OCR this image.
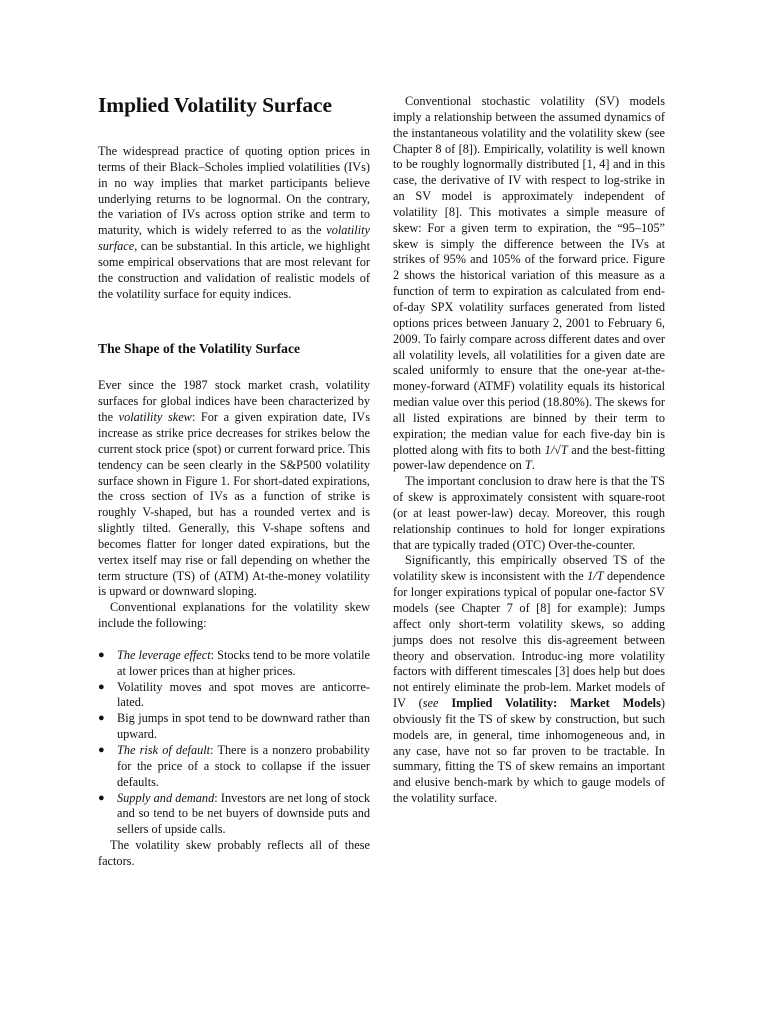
Implied Volatility Surface

The widespread practice of quoting option prices in terms of their Black–Scholes implied volatilities (IVs) in no way implies that market participants believe underlying returns to be lognormal. On the contrary, the variation of IVs across option strike and term to maturity, which is widely referred to as the volatility surface, can be substantial. In this article, we highlight some empirical observations that are most relevant for the construction and validation of realistic models of the volatility surface for equity indices.

The Shape of the Volatility Surface

Ever since the 1987 stock market crash, volatility surfaces for global indices have been characterized by the volatility skew: For a given expiration date, IVs increase as strike price decreases for strikes below the current stock price (spot) or current forward price. This tendency can be seen clearly in the S&P500 volatility surface shown in Figure 1. For short-dated expirations, the cross section of IVs as a function of strike is roughly V-shaped, but has a rounded vertex and is slightly tilted. Generally, this V-shape softens and becomes flatter for longer dated expirations, but the vertex itself may rise or fall depending on whether the term structure (TS) of (ATM) At-the-money volatility is upward or downward sloping.

Conventional explanations for the volatility skew include the following:

● The leverage effect: Stocks tend to be more volatile at lower prices than at higher prices.
● Volatility moves and spot moves are anticorre-lated.
● Big jumps in spot tend to be downward rather than upward.
● The risk of default: There is a nonzero probability for the price of a stock to collapse if the issuer defaults.
● Supply and demand: Investors are net long of stock and so tend to be net buyers of downside puts and sellers of upside calls.

The volatility skew probably reflects all of these factors.

Conventional stochastic volatility (SV) models imply a relationship between the assumed dynamics of the instantaneous volatility and the volatility skew (see Chapter 8 of [8]). Empirically, volatility is well known to be roughly lognormally distributed [1, 4] and in this case, the derivative of IV with respect to log-strike in an SV model is approximately independent of volatility [8]. This motivates a simple measure of skew: For a given term to expiration, the “95–105” skew is simply the difference between the IVs at strikes of 95% and 105% of the forward price. Figure 2 shows the historical variation of this measure as a function of term to expiration as calculated from end-of-day SPX volatility surfaces generated from listed options prices between January 2, 2001 to February 6, 2009. To fairly compare across different dates and over all volatility levels, all volatilities for a given date are scaled uniformly to ensure that the one-year at-the-money-forward (ATMF) volatility equals its historical median value over this period (18.80%). The skews for all listed expirations are binned by their term to expiration; the median value for each five-day bin is plotted along with fits to both 1/√T and the best-fitting power-law dependence on T.

The important conclusion to draw here is that the TS of skew is approximately consistent with square-root (or at least power-law) decay. Moreover, this rough relationship continues to hold for longer expirations that are typically traded (OTC) Over-the-counter.

Significantly, this empirically observed TS of the volatility skew is inconsistent with the 1/T dependence for longer expirations typical of popular one-factor SV models (see Chapter 7 of [8] for example): Jumps affect only short-term volatility skews, so adding jumps does not resolve this dis-agreement between theory and observation. Introduc-ing more volatility factors with different timescales [3] does help but does not entirely eliminate the prob-lem. Market models of IV (see Implied Volatility: Market Models) obviously fit the TS of skew by construction, but such models are, in general, time inhomogeneous and, in any case, have not so far proven to be tractable. In summary, fitting the TS of skew remains an important and elusive bench-mark by which to gauge models of the volatility surface.
